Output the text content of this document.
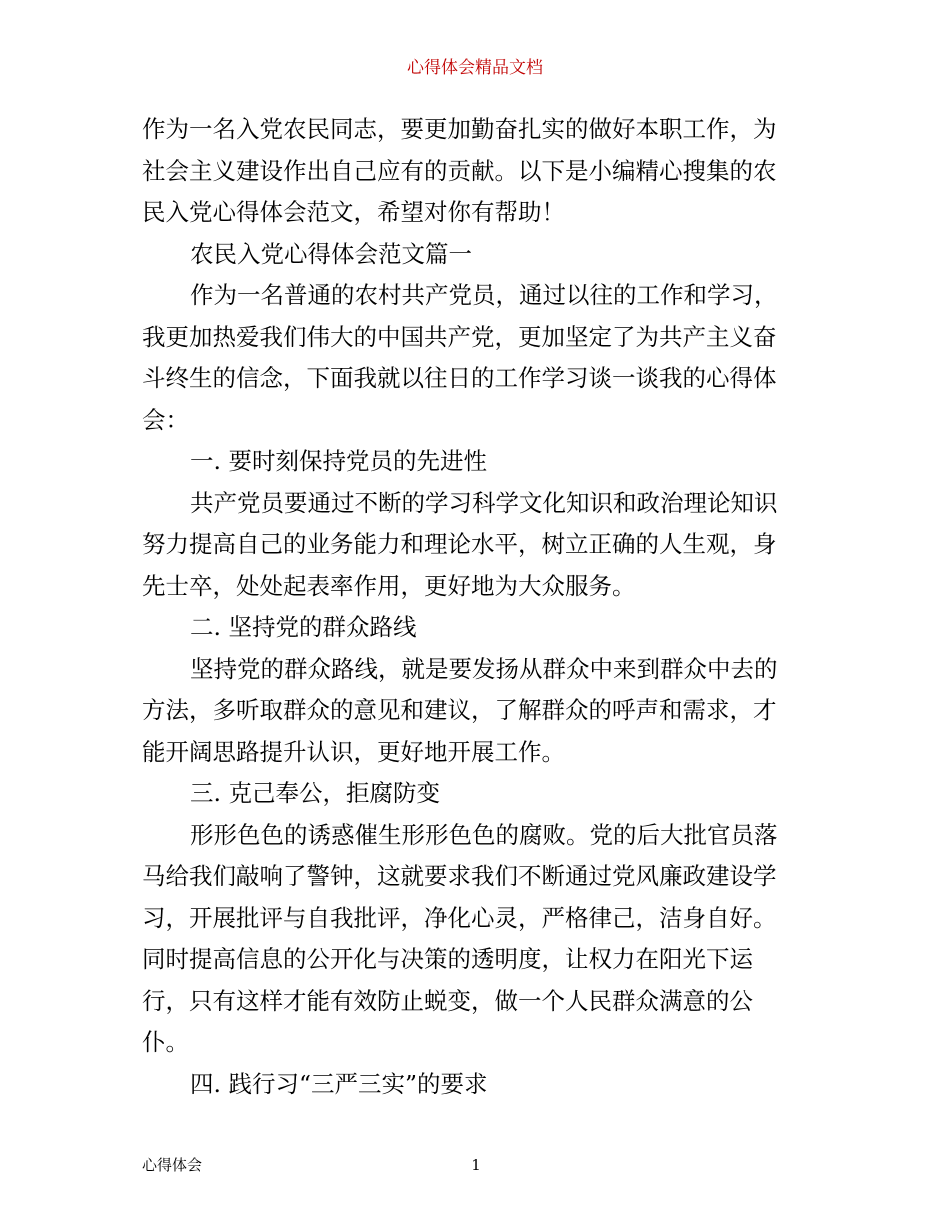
心得体会精品文档
作为一名入党农民同志，要更加勤奋扎实的做好本职工作，为
社会主义建设作出自己应有的贡献。以下是小编精心搜集的农
民入党心得体会范文，希望对你有帮助！
农民入党心得体会范文篇一
作为一名普通的农村共产党员，通过以往的工作和学习，
我更加热爱我们伟大的中国共产党，更加坚定了为共产主义奋
斗终生的信念，下面我就以往日的工作学习谈一谈我的心得体
会：
一. 要时刻保持党员的先进性
共产党员要通过不断的学习科学文化知识和政治理论知识
努力提高自己的业务能力和理论水平，树立正确的人生观，身
先士卒，处处起表率作用，更好地为大众服务。
二. 坚持党的群众路线
坚持党的群众路线，就是要发扬从群众中来到群众中去的
方法，多听取群众的意见和建议，了解群众的呼声和需求，才
能开阔思路提升认识，更好地开展工作。
三. 克己奉公，拒腐防变
形形色色的诱惑催生形形色色的腐败。党的后大批官员落
马给我们敲响了警钟，这就要求我们不断通过党风廉政建设学
习，开展批评与自我批评，净化心灵，严格律己，洁身自好。
同时提高信息的公开化与决策的透明度，让权力在阳光下运
行，只有这样才能有效防止蜕变，做一个人民群众满意的公
仆。
四. 践行习“三严三实”的要求
心得体会	1
